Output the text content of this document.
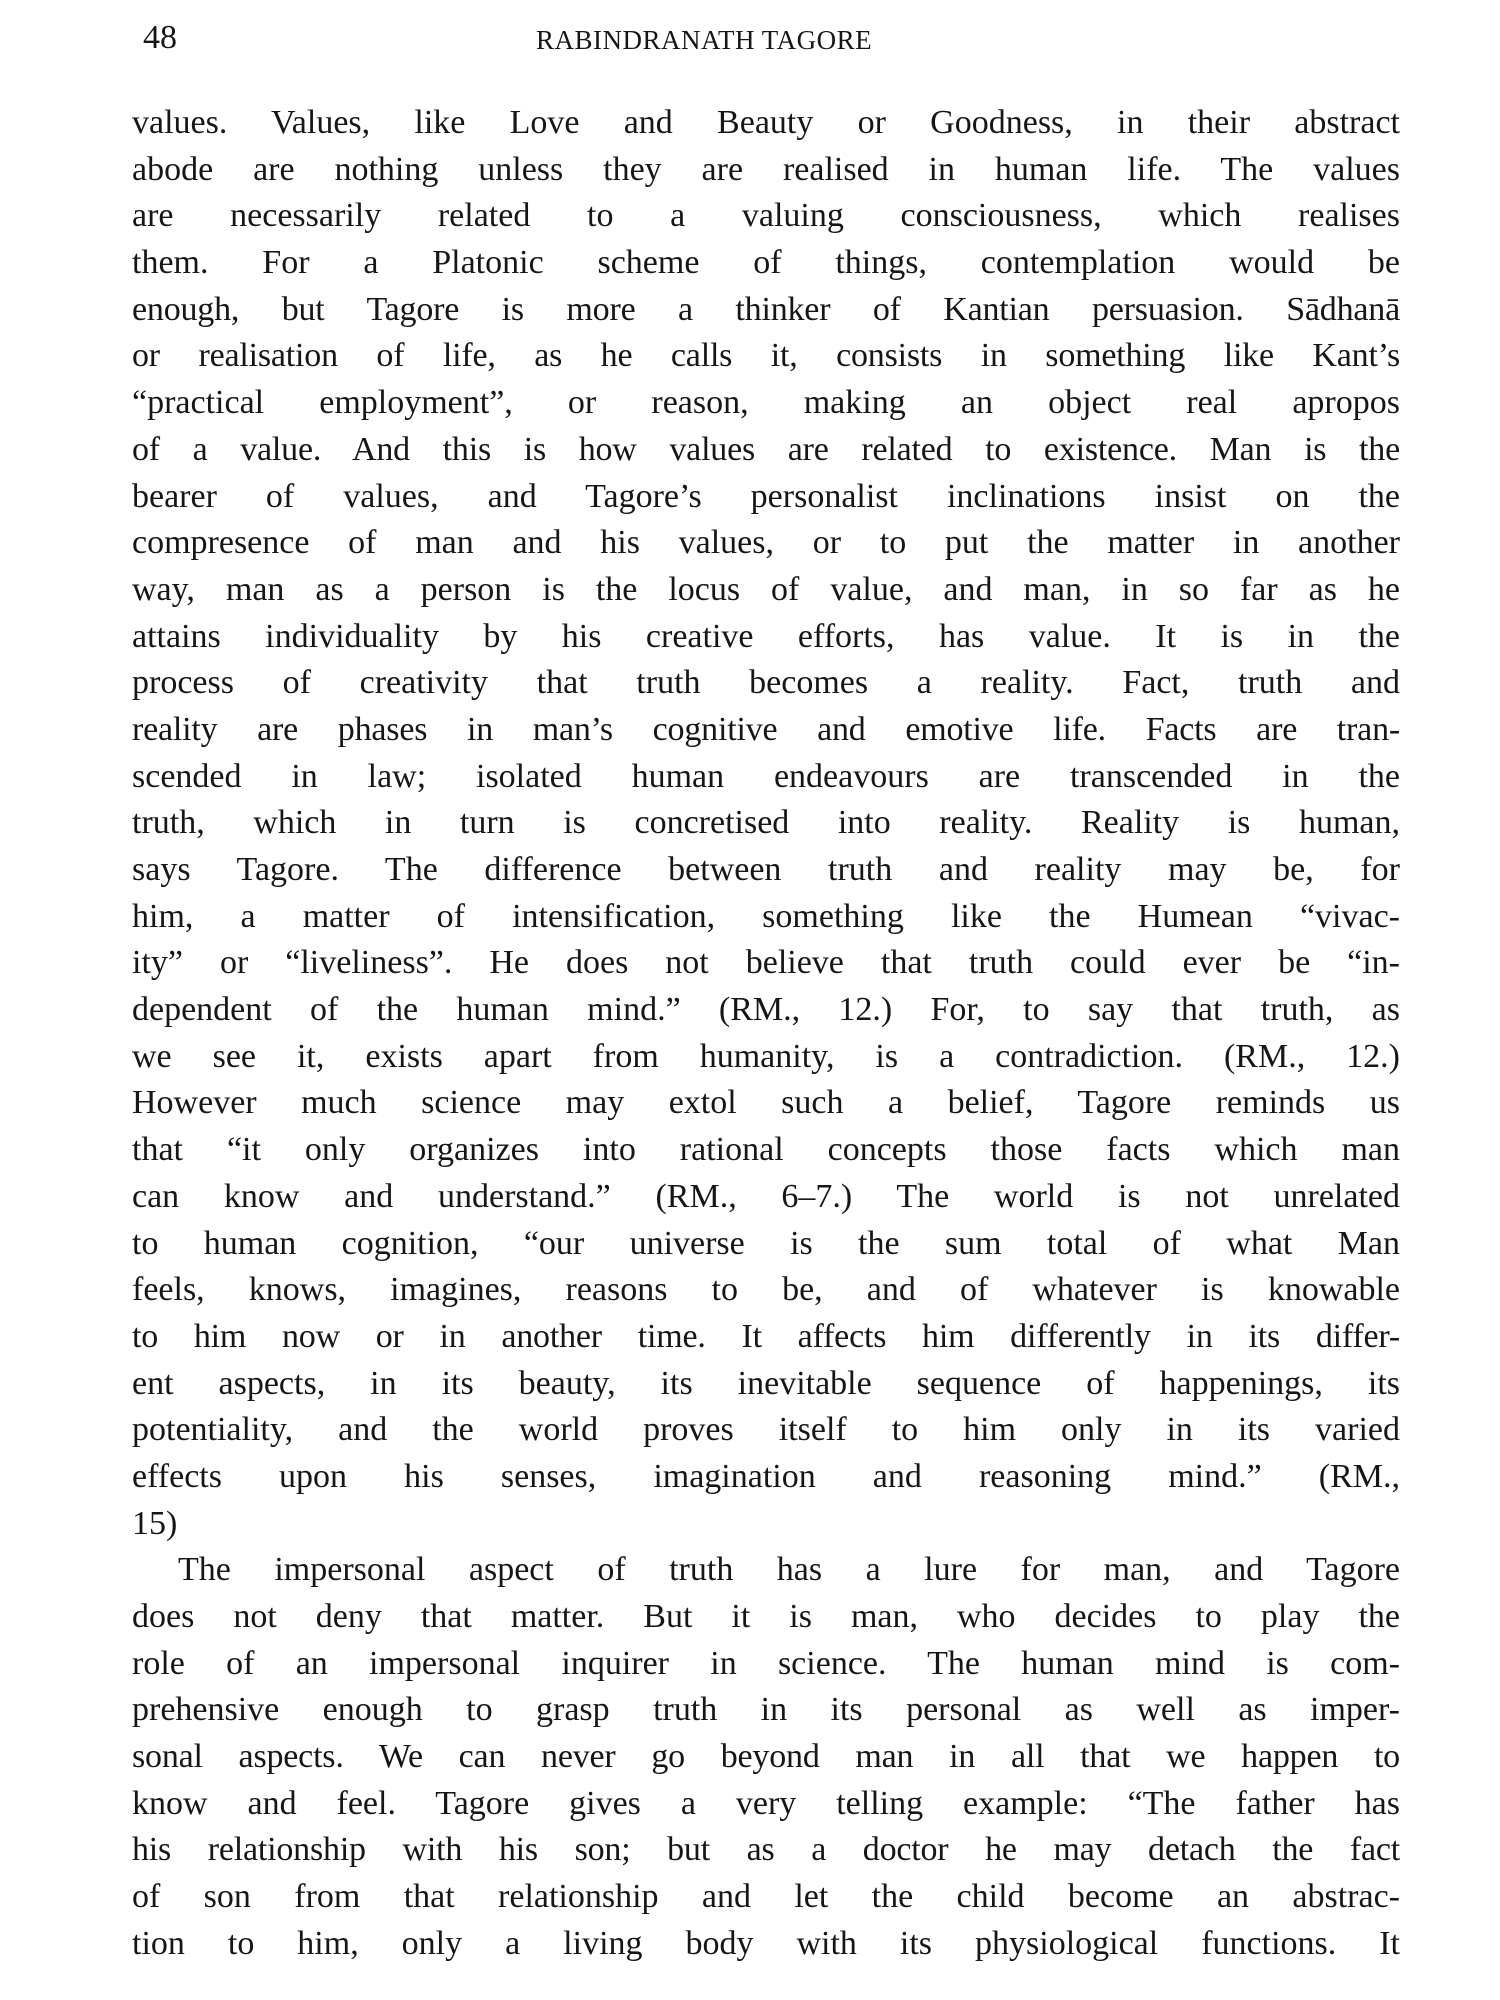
48	RABINDRANATH TAGORE
values. Values, like Love and Beauty or Goodness, in their abstract
abode are nothing unless they are realised in human life. The values
are necessarily related to a valuing consciousness, which realises
them. For a Platonic scheme of things, contemplation would be
enough, but Tagore is more a thinker of Kantian persuasion. Sādhanā
or realisation of life, as he calls it, consists in something like Kant’s
“practical employment”, or reason, making an object real apropos
of a value. And this is how values are related to existence. Man is the
bearer of values, and Tagore’s personalist inclinations insist on the
compresence of man and his values, or to put the matter in another
way, man as a person is the locus of value, and man, in so far as he
attains individuality by his creative efforts, has value. It is in the
process of creativity that truth becomes a reality. Fact, truth and
reality are phases in man’s cognitive and emotive life. Facts are tran-
scended in law; isolated human endeavours are transcended in the
truth, which in turn is concretised into reality. Reality is human,
says Tagore. The difference between truth and reality may be, for
him, a matter of intensification, something like the Humean “vivac-
ity” or “liveliness”. He does not believe that truth could ever be “in-
dependent of the human mind.” (RM., 12.) For, to say that truth, as
we see it, exists apart from humanity, is a contradiction. (RM., 12.)
However much science may extol such a belief, Tagore reminds us
that “it only organizes into rational concepts those facts which man
can know and understand.” (RM., 6–7.) The world is not unrelated
to human cognition, “our universe is the sum total of what Man
feels, knows, imagines, reasons to be, and of whatever is knowable
to him now or in another time. It affects him differently in its differ-
ent aspects, in its beauty, its inevitable sequence of happenings, its
potentiality, and the world proves itself to him only in its varied
effects upon his senses, imagination and reasoning mind.” (RM.,
15)
The impersonal aspect of truth has a lure for man, and Tagore
does not deny that matter. But it is man, who decides to play the
role of an impersonal inquirer in science. The human mind is com-
prehensive enough to grasp truth in its personal as well as imper-
sonal aspects. We can never go beyond man in all that we happen to
know and feel. Tagore gives a very telling example: “The father has
his relationship with his son; but as a doctor he may detach the fact
of son from that relationship and let the child become an abstrac-
tion to him, only a living body with its physiological functions. It
